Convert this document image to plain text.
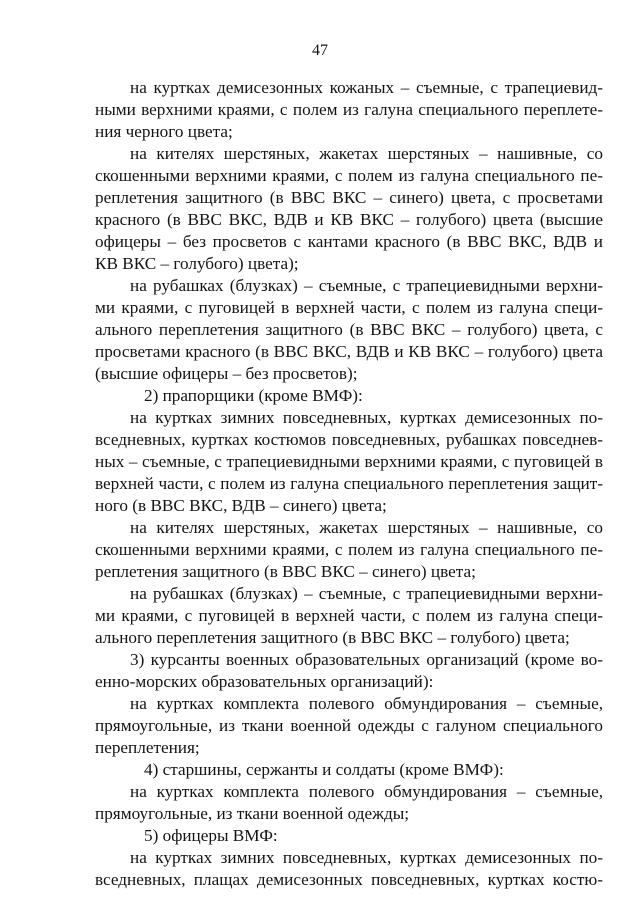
47
на куртках демисезонных кожаных – съемные, с трапециевид-
ными верхними краями, с полем из галуна специального переплете-
ния черного цвета;
на кителях шерстяных, жакетах шерстяных – нашивные, со
скошенными верхними краями, с полем из галуна специального пе-
реплетения защитного (в ВВС ВКС – синего) цвета, с просветами
красного (в ВВС ВКС, ВДВ и КВ ВКС – голубого) цвета (высшие
офицеры – без просветов с кантами красного (в ВВС ВКС, ВДВ и
КВ ВКС – голубого) цвета);
на рубашках (блузках) – съемные, с трапециевидными верхни-
ми краями, с пуговицей в верхней части, с полем из галуна специ-
ального переплетения защитного (в ВВС ВКС – голубого) цвета, с
просветами красного (в ВВС ВКС, ВДВ и КВ ВКС – голубого) цвета
(высшие офицеры – без просветов);
2) прапорщики (кроме ВМФ):
на куртках зимних повседневных, куртках демисезонных по-
вседневных, куртках костюмов повседневных, рубашках повседнев-
ных – съемные, с трапециевидными верхними краями, с пуговицей в
верхней части, с полем из галуна специального переплетения защит-
ного (в ВВС ВКС, ВДВ – синего) цвета;
на кителях шерстяных, жакетах шерстяных – нашивные, со
скошенными верхними краями, с полем из галуна специального пе-
реплетения защитного (в ВВС ВКС – синего) цвета;
на рубашках (блузках) – съемные, с трапециевидными верхни-
ми краями, с пуговицей в верхней части, с полем из галуна специ-
ального переплетения защитного (в ВВС ВКС – голубого) цвета;
3) курсанты военных образовательных организаций (кроме во-
енно-морских образовательных организаций):
на куртках комплекта полевого обмундирования – съемные,
прямоугольные, из ткани военной одежды с галуном специального
переплетения;
4) старшины, сержанты и солдаты (кроме ВМФ):
на куртках комплекта полевого обмундирования – съемные,
прямоугольные, из ткани военной одежды;
5) офицеры ВМФ:
на куртках зимних повседневных, куртках демисезонных по-
вседневных, плащах демисезонных повседневных, куртках костю-
